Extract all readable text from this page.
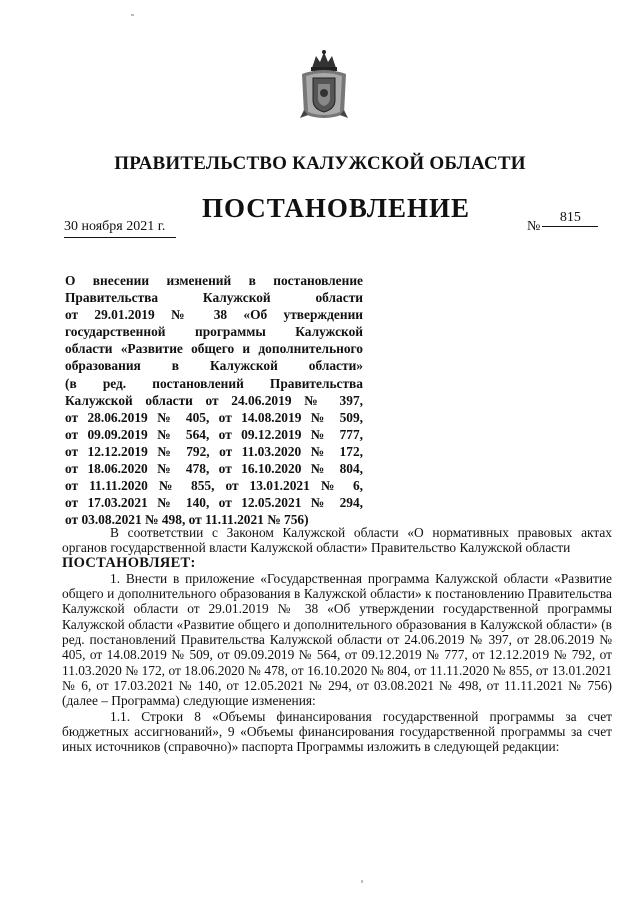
ПРАВИТЕЛЬСТВО КАЛУЖСКОЙ ОБЛАСТИ
ПОСТАНОВЛЕНИЕ
30 ноября 2021 г.	№815
О внесении изменений в постановление
Правительства Калужской области
от 29.01.2019 № 38 «Об утверждении
государственной программы Калужской
области «Развитие общего и дополнительного
образования в Калужской области»
(в ред. постановлений Правительства
Калужской области от 24.06.2019 № 397,
от 28.06.2019 № 405, от 14.08.2019 № 509,
от 09.09.2019 № 564, от 09.12.2019 № 777,
от 12.12.2019 № 792, от 11.03.2020 № 172,
от 18.06.2020 № 478, от 16.10.2020 № 804,
от 11.11.2020 № 855, от 13.01.2021 № 6,
от 17.03.2021 № 140, от 12.05.2021 № 294,
от 03.08.2021 № 498, от 11.11.2021 № 756)

В соответствии с Законом Калужской области «О нормативных правовых актах органов государственной власти Калужской области» Правительство Калужской области

ПОСТАНОВЛЯЕТ:

1. Внести в приложение «Государственная программа Калужской области «Развитие общего и дополнительного образования в Калужской области» к постановлению Правительства Калужской области от 29.01.2019 № 38 «Об утверждении государственной программы Калужской области «Развитие общего и дополнительного образования в Калужской области» (в ред. постановлений Правительства Калужской области от 24.06.2019 № 397, от 28.06.2019 № 405, от 14.08.2019 № 509, от 09.09.2019 № 564, от 09.12.2019 № 777, от 12.12.2019 № 792, от 11.03.2020 № 172, от 18.06.2020 № 478, от 16.10.2020 № 804, от 11.11.2020 № 855, от 13.01.2021 № 6, от 17.03.2021 № 140, от 12.05.2021 № 294, от 03.08.2021 № 498, от 11.11.2021 № 756) (далее – Программа) следующие изменения:

1.1. Строки 8 «Объемы финансирования государственной программы за счет бюджетных ассигнований», 9 «Объемы финансирования государственной программы за счет иных источников (справочно)» паспорта Программы изложить в следующей редакции:
